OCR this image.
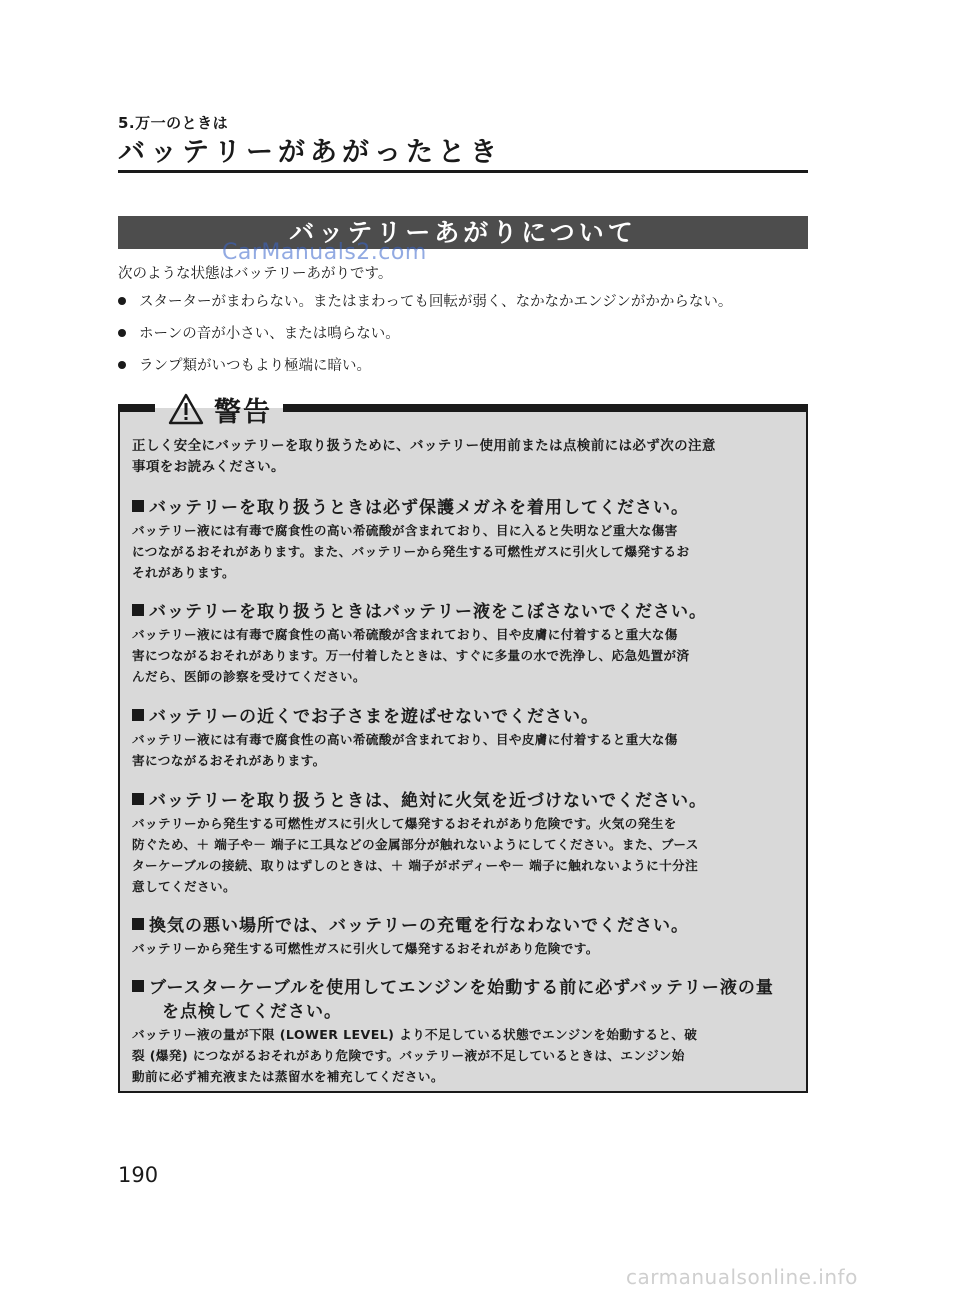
5.万一のときは
バッテリーがあがったとき
バッテリーあがりについて
CarManuals2.com
次のような状態はバッテリーあがりです。
スターターがまわらない。またはまわっても回転が弱く、なかなかエンジンがかからない。
ホーンの音が小さい、または鳴らない。
ランプ類がいつもより極端に暗い。
警告
正しく安全にバッテリーを取り扱うために、バッテリー使用前または点検前には必ず次の注意
事項をお読みください。
バッテリーを取り扱うときは必ず保護メガネを着用してください。
バッテリー液には有毒で腐食性の高い希硫酸が含まれており、目に入ると失明など重大な傷害
につながるおそれがあります。また、バッテリーから発生する可燃性ガスに引火して爆発するお
それがあります。
バッテリーを取り扱うときはバッテリー液をこぼさないでください。
バッテリー液には有毒で腐食性の高い希硫酸が含まれており、目や皮膚に付着すると重大な傷
害につながるおそれがあります。万一付着したときは、すぐに多量の水で洗浄し、応急処置が済
んだら、医師の診察を受けてください。
バッテリーの近くでお子さまを遊ばせないでください。
バッテリー液には有毒で腐食性の高い希硫酸が含まれており、目や皮膚に付着すると重大な傷
害につながるおそれがあります。
バッテリーを取り扱うときは、絶対に火気を近づけないでください。
バッテリーから発生する可燃性ガスに引火して爆発するおそれがあり危険です。火気の発生を
防ぐため、＋ 端子や－ 端子に工具などの金属部分が触れないようにしてください。また、ブース
ターケーブルの接続、取りはずしのときは、＋ 端子がボディーや－ 端子に触れないように十分注
意してください。
換気の悪い場所では、バッテリーの充電を行なわないでください。
バッテリーから発生する可燃性ガスに引火して爆発するおそれがあり危険です。
ブースターケーブルを使用してエンジンを始動する前に必ずバッテリー液の量
を点検してください。
バッテリー液の量が下限 (LOWER LEVEL) より不足している状態でエンジンを始動すると、破
裂 (爆発) につながるおそれがあり危険です。バッテリー液が不足しているときは、エンジン始
動前に必ず補充液または蒸留水を補充してください。
190
carmanualsonline.info
